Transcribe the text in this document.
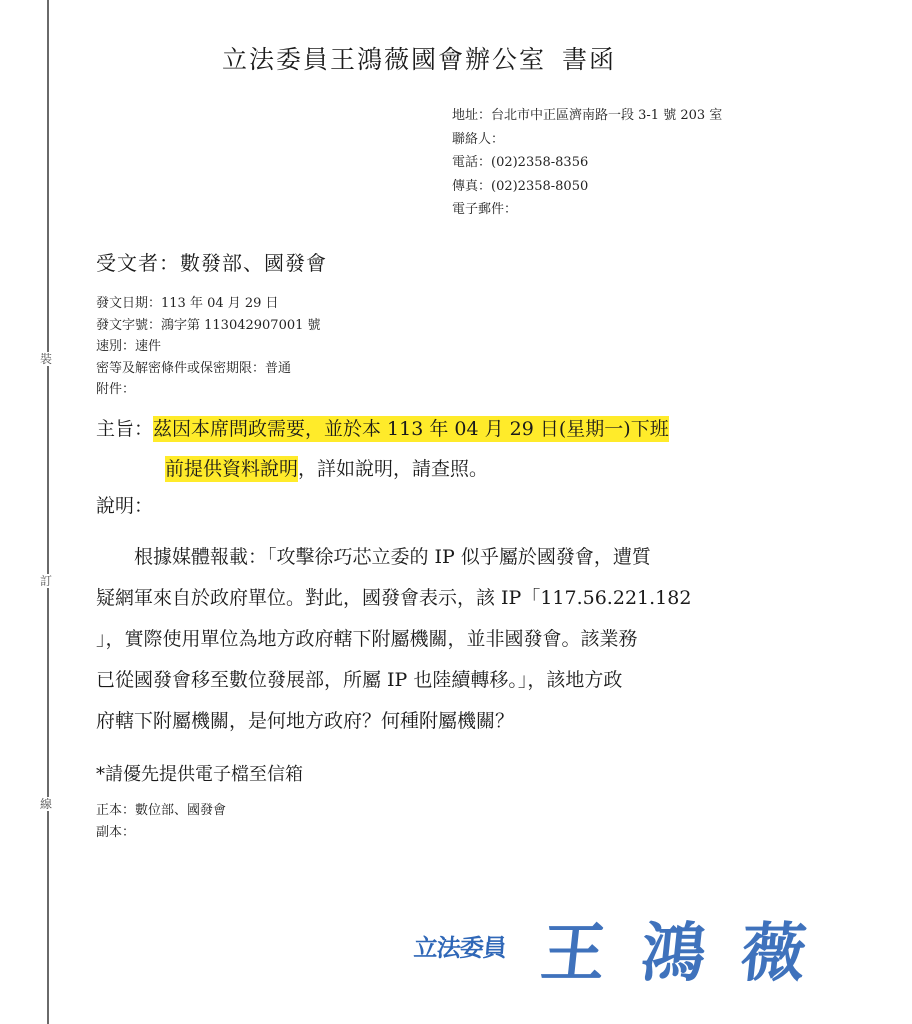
裝
訂
線
立法委員王鴻薇國會辦公室 書函
地址：台北市中正區濟南路一段 3-1 號 203 室
聯絡人：
電話：(02)2358-8356
傳真：(02)2358-8050
電子郵件：
受文者：數發部、國發會
發文日期：113 年 04 月 29 日
發文字號：鴻字第 113042907001 號
速別：速件
密等及解密條件或保密期限：普通
附件：
主旨：茲因本席問政需要，並於本 113 年 04 月 29 日(星期一)下班
前提供資料說明，詳如說明，請查照。
說明：
根據媒體報載：「攻擊徐巧芯立委的 IP 似乎屬於國發會，遭質
疑網軍來自於政府單位。對此，國發會表示，該 IP「117.56.221.182
」，實際使用單位為地方政府轄下附屬機關，並非國發會。該業務
已從國發會移至數位發展部，所屬 IP 也陸續轉移。」，該地方政
府轄下附屬機關，是何地方政府？何種附屬機關？
*請優先提供電子檔至信箱
正本：數位部、國發會
副本：
立法委員 王鴻薇
